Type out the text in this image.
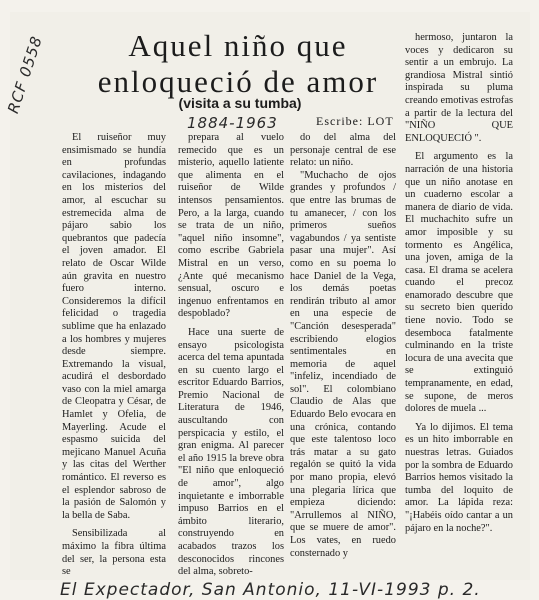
RCF 0558
1884-1963
Aquel niño que
enloqueció de amor
(visita a su tumba)
Escribe: LOT

El ruiseñor muy ensimismado se hundía en profundas cavilaciones, indagando en los misterios del amor, al escuchar su estremecida alma de pájaro sabio los quebrantos que padecía el joven amador. El relato de Oscar Wilde aún gravita en nuestro fuero interno. Consideremos la difícil felicidad o tragedia sublime que ha enlazado a los hombres y mujeres desde siempre. Extremando la visual, acudirá el desbordado vaso con la miel amarga de Cleopatra y César, de Hamlet y Ofelia, de Mayerling. Acude el espasmo suicida del mejicano Manuel Acuña y las citas del Werther romántico. El reverso es el esplendor sabroso de la pasión de Salomón y la bella de Saba.

Sensibilizada al máximo la fibra última del ser, la persona esta se

prepara al vuelo remecido que es un misterio, aquello latiente que alimenta en el ruiseñor de Wilde intensos pensamientos. Pero, a la larga, cuando se trata de un niño, "aquel niño insomne", como escribe Gabriela Mistral en un verso, ¿Ante qué mecanismo sensual, oscuro e ingenuo enfrentamos en despoblado?

Hace una suerte de ensayo psicologista acerca del tema apuntada en su cuento largo el escritor Eduardo Barrios, Premio Nacional de Literatura de 1946, auscultando con perspicacia y estilo, el gran enigma. Al parecer el año 1915 la breve obra "El niño que enloqueció de amor", algo inquietante e imborrable impuso Barrios en el ámbito literario, construyendo en acabados trazos los desconocidos rincones del alma, sobreto-

do del alma del personaje central de ese relato: un niño.

"Muchacho de ojos grandes y profundos / que entre las brumas de tu amanecer, / con los primeros sueños vagabundos / ya sentiste pasar una mujer". Así como en su poema lo hace Daniel de la Vega, los demás poetas rendirán tributo al amor en una especie de "Canción desesperada" escribiendo elogios sentimentales en memoria de aquel "infeliz, incendiado de sol". El colombiano Claudio de Alas que Eduardo Belo evocara en una crónica, contando que este talentoso loco trás matar a su gato regalón se quitó la vida por mano propia, elevó una plegaria lírica que empieza diciendo: "Arrullemos al NIÑO, que se muere de amor". Los vates, en ruedo consternado y

hermoso, juntaron la voces y dedicaron su sentir a un embrujo. La grandiosa Mistral sintió inspirada su pluma creando emotivas estrofas a partir de la lectura del "NIÑO QUE ENLOQUECIÓ ".

El argumento es la narración de una historia que un niño anotase en un cuaderno escolar a manera de diario de vida. El muchachito sufre un amor imposible y su tormento es Angélica, una joven, amiga de la casa. El drama se acelera cuando el precoz enamorado descubre que su secreto bien querido tiene novio. Todo se desemboca fatalmente culminando en la triste locura de una avecita que se extinguió tempranamente, en edad, se supone, de meros dolores de muela ...

Ya lo dijimos. El tema es un hito imborrable en nuestras letras. Guiados por la sombra de Eduardo Barrios hemos visitado la tumba del loquito de amor. La lápida reza: "¡Habéis oído cantar a un pájaro en la noche?".

El Expectador, San Antonio, 11-VI-1993 p. 2.
